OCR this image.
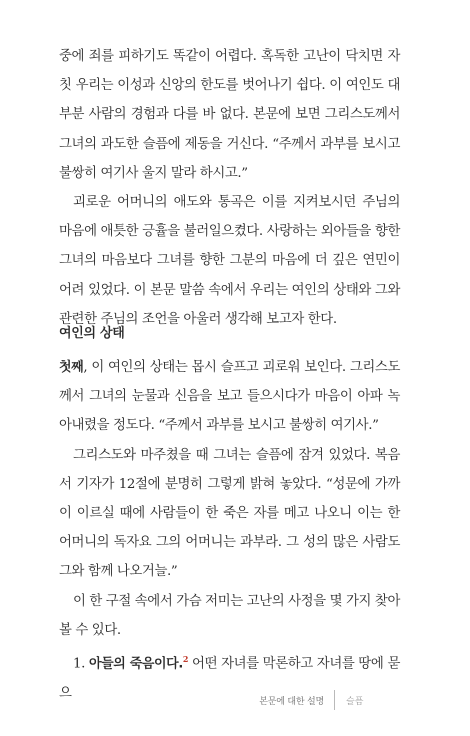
중에 죄를 피하기도 똑같이 어렵다. 혹독한 고난이 닥치면 자칫 우리는 이성과 신앙의 한도를 벗어나기 쉽다. 이 여인도 대부분 사람의 경험과 다를 바 없다. 본문에 보면 그리스도께서 그녀의 과도한 슬픔에 제동을 거신다. “주께서 과부를 보시고 불쌍히 여기사 울지 말라 하시고.”

괴로운 어머니의 애도와 통곡은 이를 지켜보시던 주님의 마음에 애틋한 긍휼을 불러일으켰다. 사랑하는 외아들을 향한 그녀의 마음보다 그녀를 향한 그분의 마음에 더 깊은 연민이 어려 있었다. 이 본문 말씀 속에서 우리는 여인의 상태와 그와 관련한 주님의 조언을 아울러 생각해 보고자 한다.

여인의 상태

첫째, 이 여인의 상태는 몹시 슬프고 괴로워 보인다. 그리스도께서 그녀의 눈물과 신음을 보고 들으시다가 마음이 아파 녹아내렸을 정도다. “주께서 과부를 보시고 불쌍히 여기사.”

그리스도와 마주쳤을 때 그녀는 슬픔에 잠겨 있었다. 복음서 기자가 12절에 분명히 그렇게 밝혀 놓았다. “성문에 가까이 이르실 때에 사람들이 한 죽은 자를 메고 나오니 이는 한 어머니의 독자요 그의 어머니는 과부라. 그 성의 많은 사람도 그와 함께 나오거늘.”

이 한 구절 속에서 가슴 저미는 고난의 사정을 몇 가지 찾아볼 수 있다.

1. 아들의 죽음이다.$^2$ 어떤 자녀를 막론하고 자녀를 땅에 묻으

본문에 대한 설명 슬픔
